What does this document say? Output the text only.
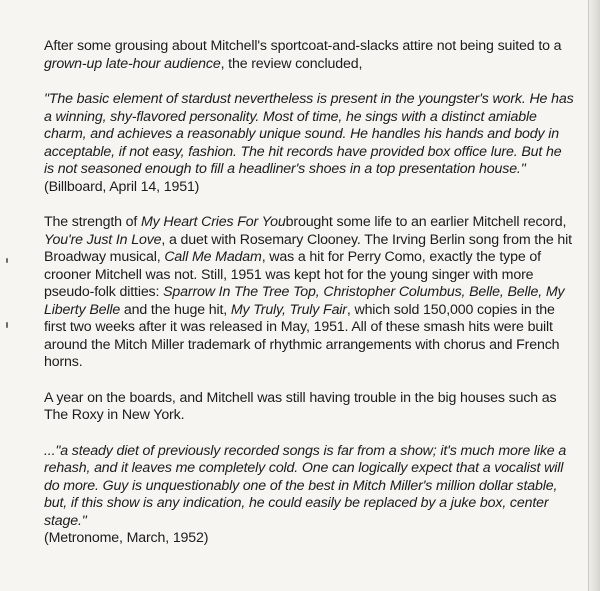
After some grousing about Mitchell's sportcoat-and-slacks attire not being suited to a grown-up late-hour audience, the review concluded,

"The basic element of stardust nevertheless is present in the youngster's work. He has a winning, shy-flavored personality. Most of time, he sings with a distinct amiable charm, and achieves a reasonably unique sound. He handles his hands and body in acceptable, if not easy, fashion. The hit records have provided box office lure. But he is not seasoned enough to fill a headliner's shoes in a top presentation house."

(Billboard, April 14, 1951)

The strength of My Heart Cries For Youbrought some life to an earlier Mitchell record, You're Just In Love, a duet with Rosemary Clooney. The Irving Berlin song from the hit Broadway musical, Call Me Madam, was a hit for Perry Como, exactly the type of crooner Mitchell was not. Still, 1951 was kept hot for the young singer with more pseudo-folk ditties: Sparrow In The Tree Top, Christopher Columbus, Belle, Belle, My Liberty Belle and the huge hit, My Truly, Truly Fair, which sold 150,000 copies in the first two weeks after it was released in May, 1951. All of these smash hits were built around the Mitch Miller trademark of rhythmic arrangements with chorus and French horns.

A year on the boards, and Mitchell was still having trouble in the big houses such as The Roxy in New York.

..."a steady diet of previously recorded songs is far from a show; it's much more like a rehash, and it leaves me completely cold. One can logically expect that a vocalist will do more. Guy is unquestionably one of the best in Mitch Miller's million dollar stable, but, if this show is any indication, he could easily be replaced by a juke box, center stage."

(Metronome, March, 1952)
